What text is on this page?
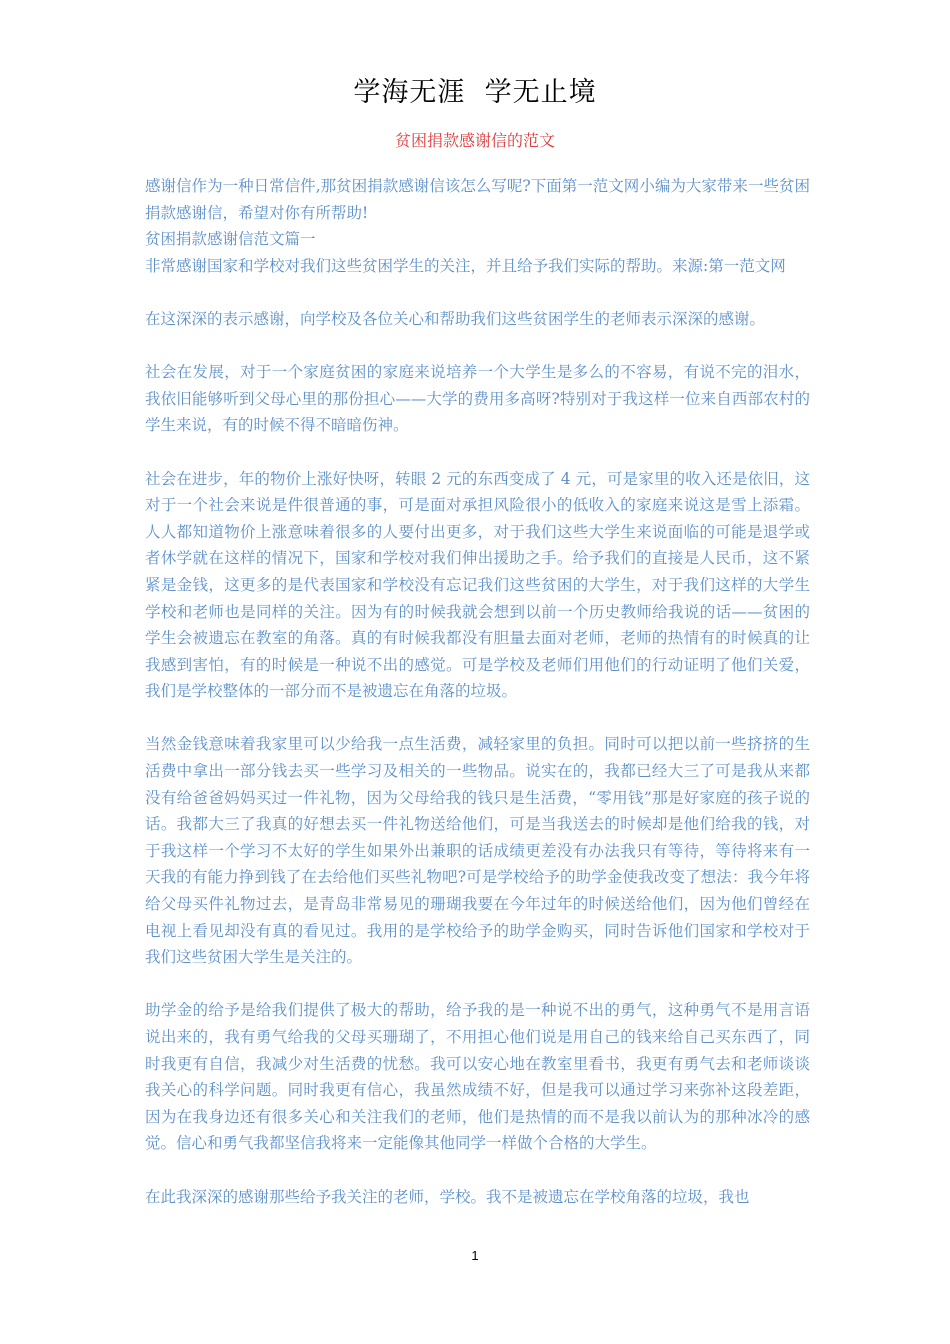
学海无涯  学无止境
贫困捐款感谢信的范文

感谢信作为一种日常信件,那贫困捐款感谢信该怎么写呢?下面第一范文网小编为大家带来一些贫困捐款感谢信，希望对你有所帮助!

贫困捐款感谢信范文篇一

非常感谢国家和学校对我们这些贫困学生的关注，并且给予我们实际的帮助。来源:第一范文网

在这深深的表示感谢，向学校及各位关心和帮助我们这些贫困学生的老师表示深深的感谢。

社会在发展，对于一个家庭贫困的家庭来说培养一个大学生是多么的不容易，有说不完的泪水，我依旧能够听到父母心里的那份担心——大学的费用多高呀?特别对于我这样一位来自西部农村的学生来说，有的时候不得不暗暗伤神。

社会在进步，年的物价上涨好快呀，转眼 2 元的东西变成了 4 元，可是家里的收入还是依旧，这对于一个社会来说是件很普通的事，可是面对承担风险很小的低收入的家庭来说这是雪上添霜。人人都知道物价上涨意味着很多的人要付出更多，对于我们这些大学生来说面临的可能是退学或者休学就在这样的情况下，国家和学校对我们伸出援助之手。给予我们的直接是人民币，这不紧紧是金钱，这更多的是代表国家和学校没有忘记我们这些贫困的大学生，对于我们这样的大学生学校和老师也是同样的关注。因为有的时候我就会想到以前一个历史教师给我说的话——贫困的学生会被遗忘在教室的角落。真的有时候我都没有胆量去面对老师，老师的热情有的时候真的让我感到害怕，有的时候是一种说不出的感觉。可是学校及老师们用他们的行动证明了他们关爱，我们是学校整体的一部分而不是被遗忘在角落的垃圾。

当然金钱意味着我家里可以少给我一点生活费，减轻家里的负担。同时可以把以前一些挤挤的生活费中拿出一部分钱去买一些学习及相关的一些物品。说实在的，我都已经大三了可是我从来都没有给爸爸妈妈买过一件礼物，因为父母给我的钱只是生活费，“零用钱”那是好家庭的孩子说的话。我都大三了我真的好想去买一件礼物送给他们，可是当我送去的时候却是他们给我的钱，对于我这样一个学习不太好的学生如果外出兼职的话成绩更差没有办法我只有等待，等待将来有一天我的有能力挣到钱了在去给他们买些礼物吧?可是学校给予的助学金使我改变了想法：我今年将给父母买件礼物过去，是青岛非常易见的珊瑚我要在今年过年的时候送给他们，因为他们曾经在电视上看见却没有真的看见过。我用的是学校给予的助学金购买，同时告诉他们国家和学校对于我们这些贫困大学生是关注的。

助学金的给予是给我们提供了极大的帮助，给予我的是一种说不出的勇气，这种勇气不是用言语说出来的，我有勇气给我的父母买珊瑚了，不用担心他们说是用自己的钱来给自己买东西了，同时我更有自信，我减少对生活费的忧愁。我可以安心地在教室里看书，我更有勇气去和老师谈谈我关心的科学问题。同时我更有信心，我虽然成绩不好，但是我可以通过学习来弥补这段差距，因为在我身边还有很多关心和关注我们的老师，他们是热情的而不是我以前认为的那种冰冷的感觉。信心和勇气我都坚信我将来一定能像其他同学一样做个合格的大学生。

在此我深深的感谢那些给予我关注的老师，学校。我不是被遗忘在学校角落的垃圾，我也

1
